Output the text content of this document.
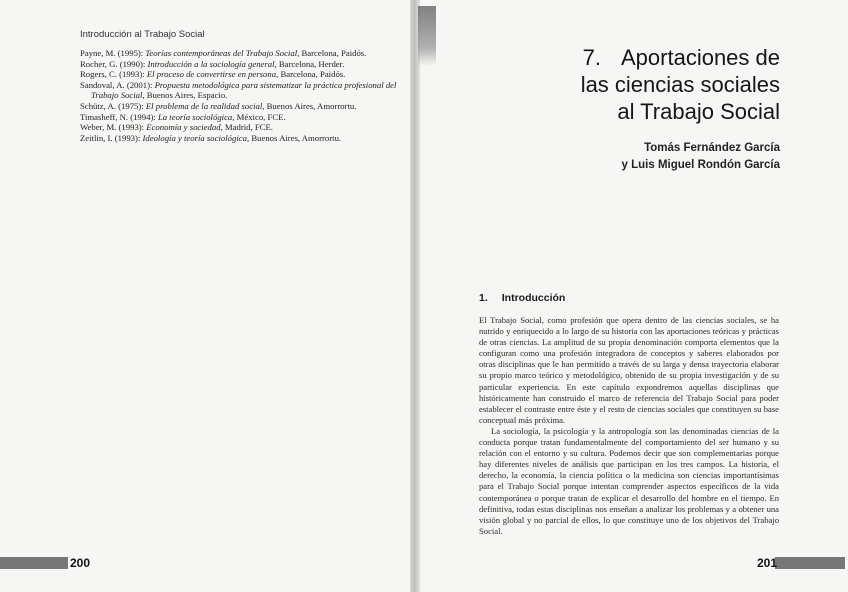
Introducción al Trabajo Social

Payne, M. (1995): Teorías contemporáneas del Trabajo Social, Barcelona, Paidós.

Rocher, G. (1990): Introducción a la sociología general, Barcelona, Herder.

Rogers, C. (1993): El proceso de convertirse en persona, Barcelona, Paidós.

Sandoval, A. (2001): Propuesta metodológica para sistematizar la práctica profesional del Trabajo Social, Buenos Aires, Espacio.

Schütz, A. (1975): El problema de la realidad social, Buenos Aires, Amorrortu.

Timasheff, N. (1994): La teoría sociológica, México, FCE.

Weber, M. (1993): Economía y sociedad, Madrid, FCE.

Zeitlin, I. (1993): Ideología y teoría sociológica, Buenos Aires, Amorrortu.

200
7. Aportaciones de
las ciencias sociales
al Trabajo Social
Tomás Fernández García
y Luis Miguel Rondón García
1. Introducción

El Trabajo Social, como profesión que opera dentro de las ciencias sociales, se ha nutrido y enriquecido a lo largo de su historia con las aportaciones teóricas y prácticas de otras ciencias. La amplitud de su propia denominación comporta elementos que la configuran como una profesión integradora de conceptos y saberes elaborados por otras disciplinas que le han permitido a través de su larga y densa trayectoria elaborar su propio marco teórico y metodológico, obtenido de su propia investigación y de su particular experiencia. En este capítulo expondremos aquellas disciplinas que históricamente han construido el marco de referencia del Trabajo Social para poder establecer el contraste entre éste y el resto de ciencias sociales que constituyen su base conceptual más próxima.

La sociología, la psicología y la antropología son las denominadas ciencias de la conducta porque tratan fundamentalmente del comportamiento del ser humano y su relación con el entorno y su cultura. Podemos decir que son complementarias porque hay diferentes niveles de análisis que participan en los tres campos. La historia, el derecho, la economía, la ciencia política o la medicina son ciencias importantísimas para el Trabajo Social porque intentan comprender aspectos específicos de la vida contemporánea o porque tratan de explicar el desarrollo del hombre en el tiempo. En definitiva, todas estas disciplinas nos enseñan a analizar los problemas y a obtener una visión global y no parcial de ellos, lo que constituye uno de los objetivos del Trabajo Social.

201
